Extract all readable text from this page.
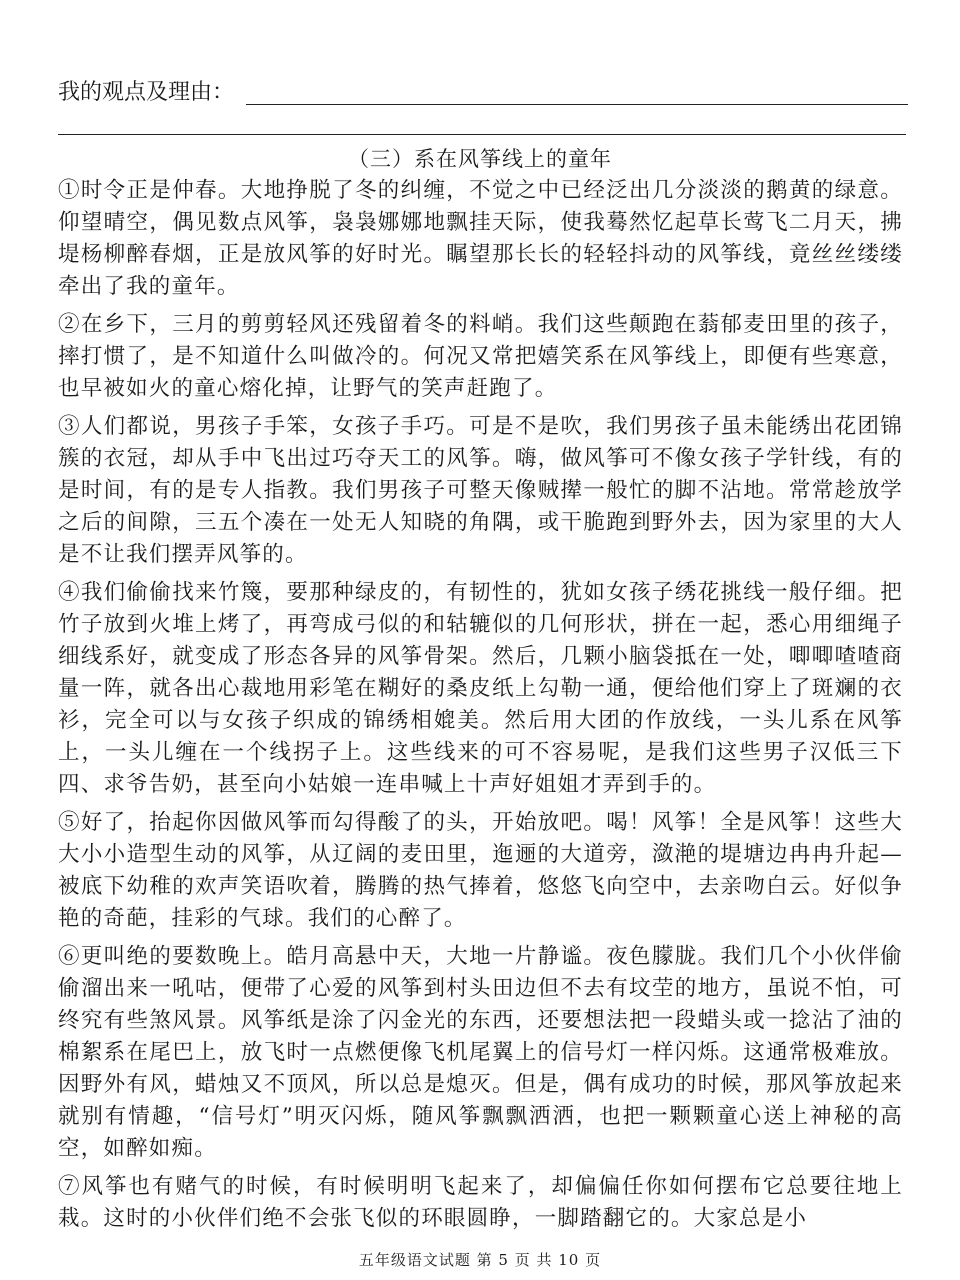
我的观点及理由：
（三）系在风筝线上的童年

①时令正是仲春。大地挣脱了冬的纠缠，不觉之中已经泛出几分淡淡的鹅黄的绿意。仰望晴空，偶见数点风筝，袅袅娜娜地飘挂天际，使我蓦然忆起草长莺飞二月天，拂堤杨柳醉春烟，正是放风筝的好时光。瞩望那长长的轻轻抖动的风筝线，竟丝丝缕缕牵出了我的童年。

②在乡下，三月的剪剪轻风还残留着冬的料峭。我们这些颠跑在蓊郁麦田里的孩子，摔打惯了，是不知道什么叫做冷的。何况又常把嬉笑系在风筝线上，即便有些寒意，也早被如火的童心熔化掉，让野气的笑声赶跑了。

③人们都说，男孩子手笨，女孩子手巧。可是不是吹，我们男孩子虽未能绣出花团锦簇的衣冠，却从手中飞出过巧夺天工的风筝。嗨，做风筝可不像女孩子学针线，有的是时间，有的是专人指教。我们男孩子可整天像贼撵一般忙的脚不沾地。常常趁放学之后的间隙，三五个凑在一处无人知晓的角隅，或干脆跑到野外去，因为家里的大人是不让我们摆弄风筝的。

④我们偷偷找来竹篾，要那种绿皮的，有韧性的，犹如女孩子绣花挑线一般仔细。把竹子放到火堆上烤了，再弯成弓似的和轱辘似的几何形状，拼在一起，悉心用细绳子细线系好，就变成了形态各异的风筝骨架。然后，几颗小脑袋抵在一处，唧唧喳喳商量一阵，就各出心裁地用彩笔在糊好的桑皮纸上勾勒一通，便给他们穿上了斑斓的衣衫，完全可以与女孩子织成的锦绣相媲美。然后用大团的作放线，一头儿系在风筝上，一头儿缠在一个线拐子上。这些线来的可不容易呢，是我们这些男子汉低三下四、求爷告奶，甚至向小姑娘一连串喊上十声好姐姐才弄到手的。

⑤好了，抬起你因做风筝而勾得酸了的头，开始放吧。喝！风筝！全是风筝！这些大大小小造型生动的风筝，从辽阔的麦田里，迤逦的大道旁，潋滟的堤塘边冉冉升起—被底下幼稚的欢声笑语吹着，腾腾的热气捧着，悠悠飞向空中，去亲吻白云。好似争艳的奇葩，挂彩的气球。我们的心醉了。

⑥更叫绝的要数晚上。皓月高悬中天，大地一片静谧。夜色朦胧。我们几个小伙伴偷偷溜出来一吼咕，便带了心爱的风筝到村头田边但不去有坟茔的地方，虽说不怕，可终究有些煞风景。风筝纸是涂了闪金光的东西，还要想法把一段蜡头或一捻沾了油的棉絮系在尾巴上，放飞时一点燃便像飞机尾翼上的信号灯一样闪烁。这通常极难放。因野外有风，蜡烛又不顶风，所以总是熄灭。但是，偶有成功的时候，那风筝放起来就别有情趣，“信号灯”明灭闪烁，随风筝飘飘洒洒，也把一颗颗童心送上神秘的高空，如醉如痴。

⑦风筝也有赌气的时候，有时候明明飞起来了，却偏偏任你如何摆布它总要往地上栽。这时的小伙伴们绝不会张飞似的环眼圆睁，一脚踏翻它的。大家总是小

五年级语文试题 第 5 页 共 10 页
